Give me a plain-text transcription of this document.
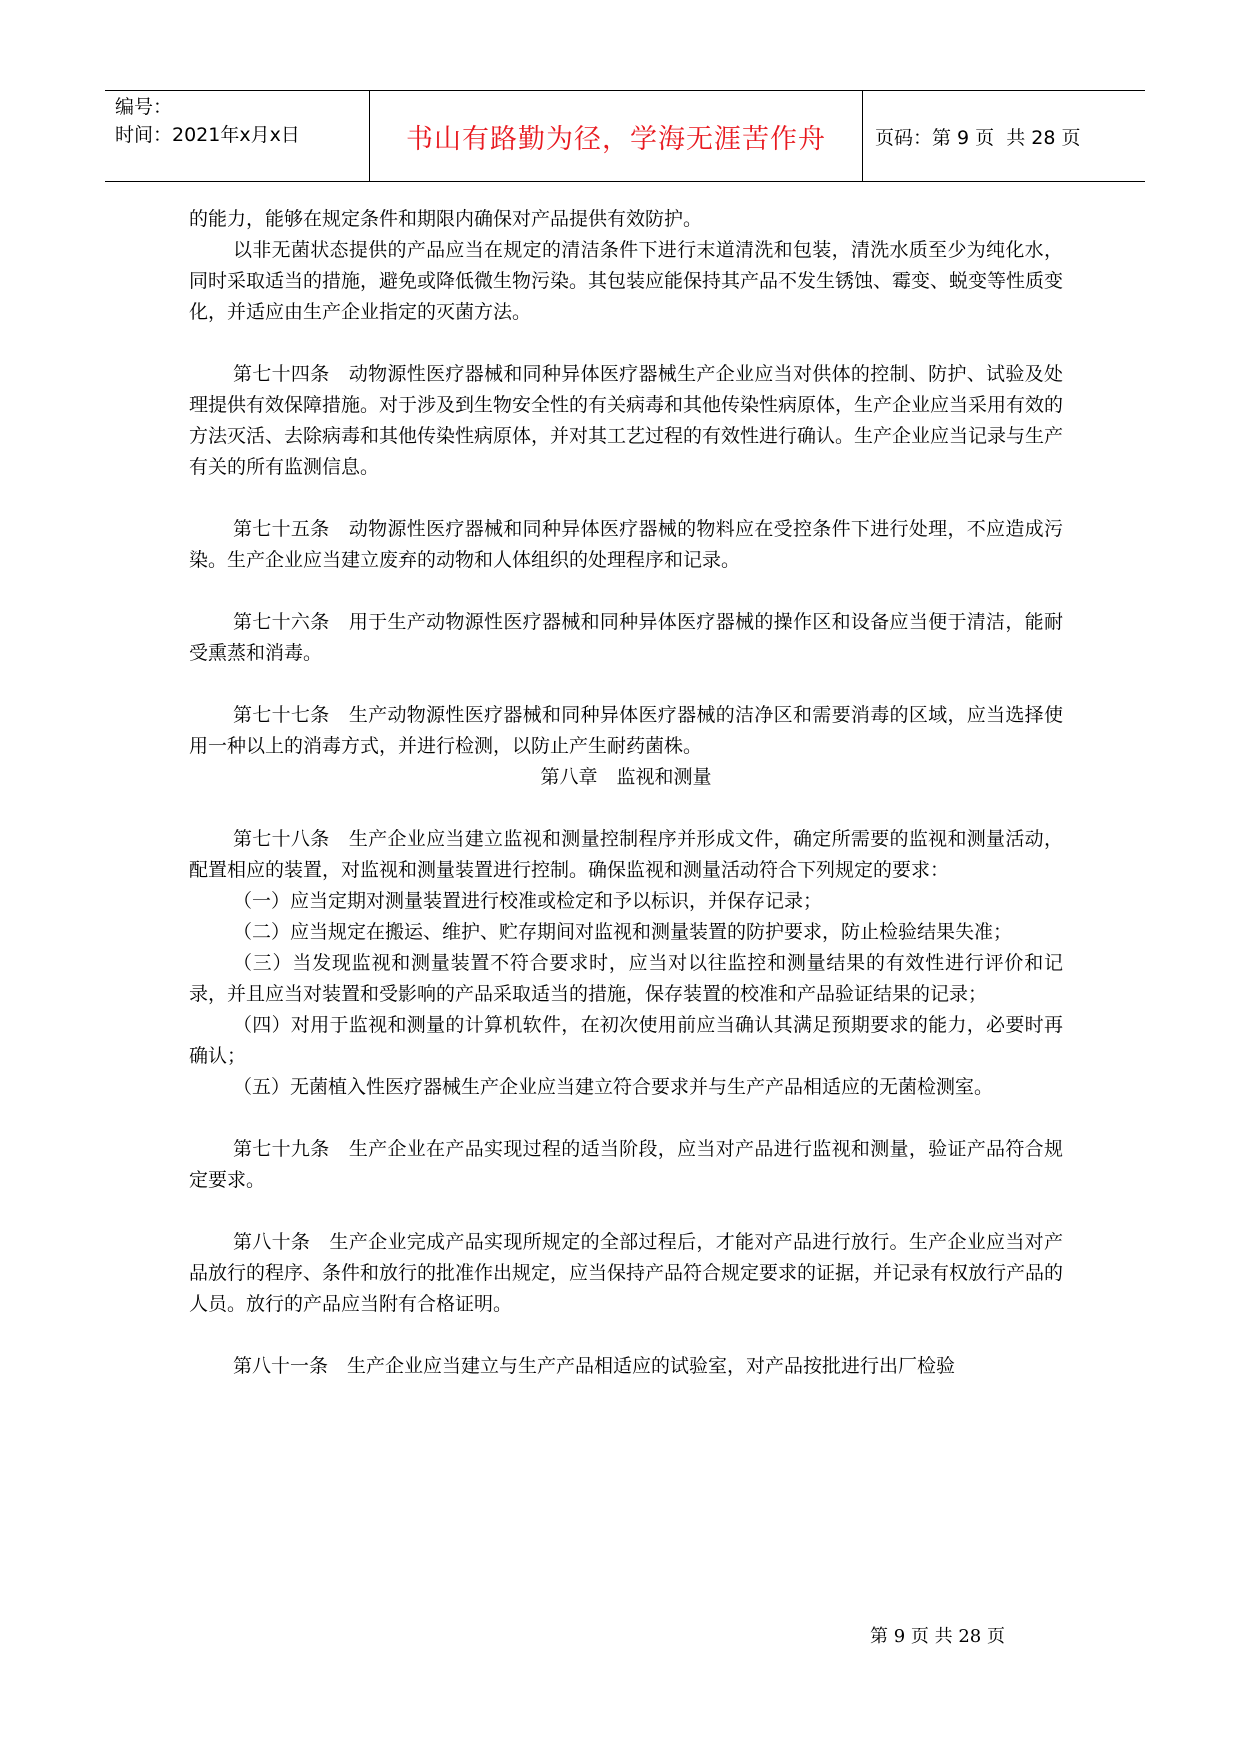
编号：
时间：2021年x月x日	书山有路勤为径，学海无涯苦作舟	页码：第 9 页  共 28 页

的能力，能够在规定条件和期限内确保对产品提供有效防护。

以非无菌状态提供的产品应当在规定的清洁条件下进行末道清洗和包装，清洗水质至少为纯化水，同时采取适当的措施，避免或降低微生物污染。其包装应能保持其产品不发生锈蚀、霉变、蜕变等性质变化，并适应由生产企业指定的灭菌方法。

第七十四条　动物源性医疗器械和同种异体医疗器械生产企业应当对供体的控制、防护、试验及处理提供有效保障措施。对于涉及到生物安全性的有关病毒和其他传染性病原体，生产企业应当采用有效的方法灭活、去除病毒和其他传染性病原体，并对其工艺过程的有效性进行确认。生产企业应当记录与生产有关的所有监测信息。

第七十五条　动物源性医疗器械和同种异体医疗器械的物料应在受控条件下进行处理，不应造成污染。生产企业应当建立废弃的动物和人体组织的处理程序和记录。

第七十六条　用于生产动物源性医疗器械和同种异体医疗器械的操作区和设备应当便于清洁，能耐受熏蒸和消毒。

第七十七条　生产动物源性医疗器械和同种异体医疗器械的洁净区和需要消毒的区域，应当选择使用一种以上的消毒方式，并进行检测，以防止产生耐药菌株。

第八章　监视和测量

第七十八条　生产企业应当建立监视和测量控制程序并形成文件，确定所需要的监视和测量活动，配置相应的装置，对监视和测量装置进行控制。确保监视和测量活动符合下列规定的要求：

（一）应当定期对测量装置进行校准或检定和予以标识，并保存记录；

（二）应当规定在搬运、维护、贮存期间对监视和测量装置的防护要求，防止检验结果失准；

（三）当发现监视和测量装置不符合要求时，应当对以往监控和测量结果的有效性进行评价和记录，并且应当对装置和受影响的产品采取适当的措施，保存装置的校准和产品验证结果的记录；

（四）对用于监视和测量的计算机软件，在初次使用前应当确认其满足预期要求的能力，必要时再确认；

（五）无菌植入性医疗器械生产企业应当建立符合要求并与生产产品相适应的无菌检测室。

第七十九条　生产企业在产品实现过程的适当阶段，应当对产品进行监视和测量，验证产品符合规定要求。

第八十条　生产企业完成产品实现所规定的全部过程后，才能对产品进行放行。生产企业应当对产品放行的程序、条件和放行的批准作出规定，应当保持产品符合规定要求的证据，并记录有权放行产品的人员。放行的产品应当附有合格证明。

第八十一条　生产企业应当建立与生产产品相适应的试验室，对产品按批进行出厂检验

第 9 页 共 28 页
